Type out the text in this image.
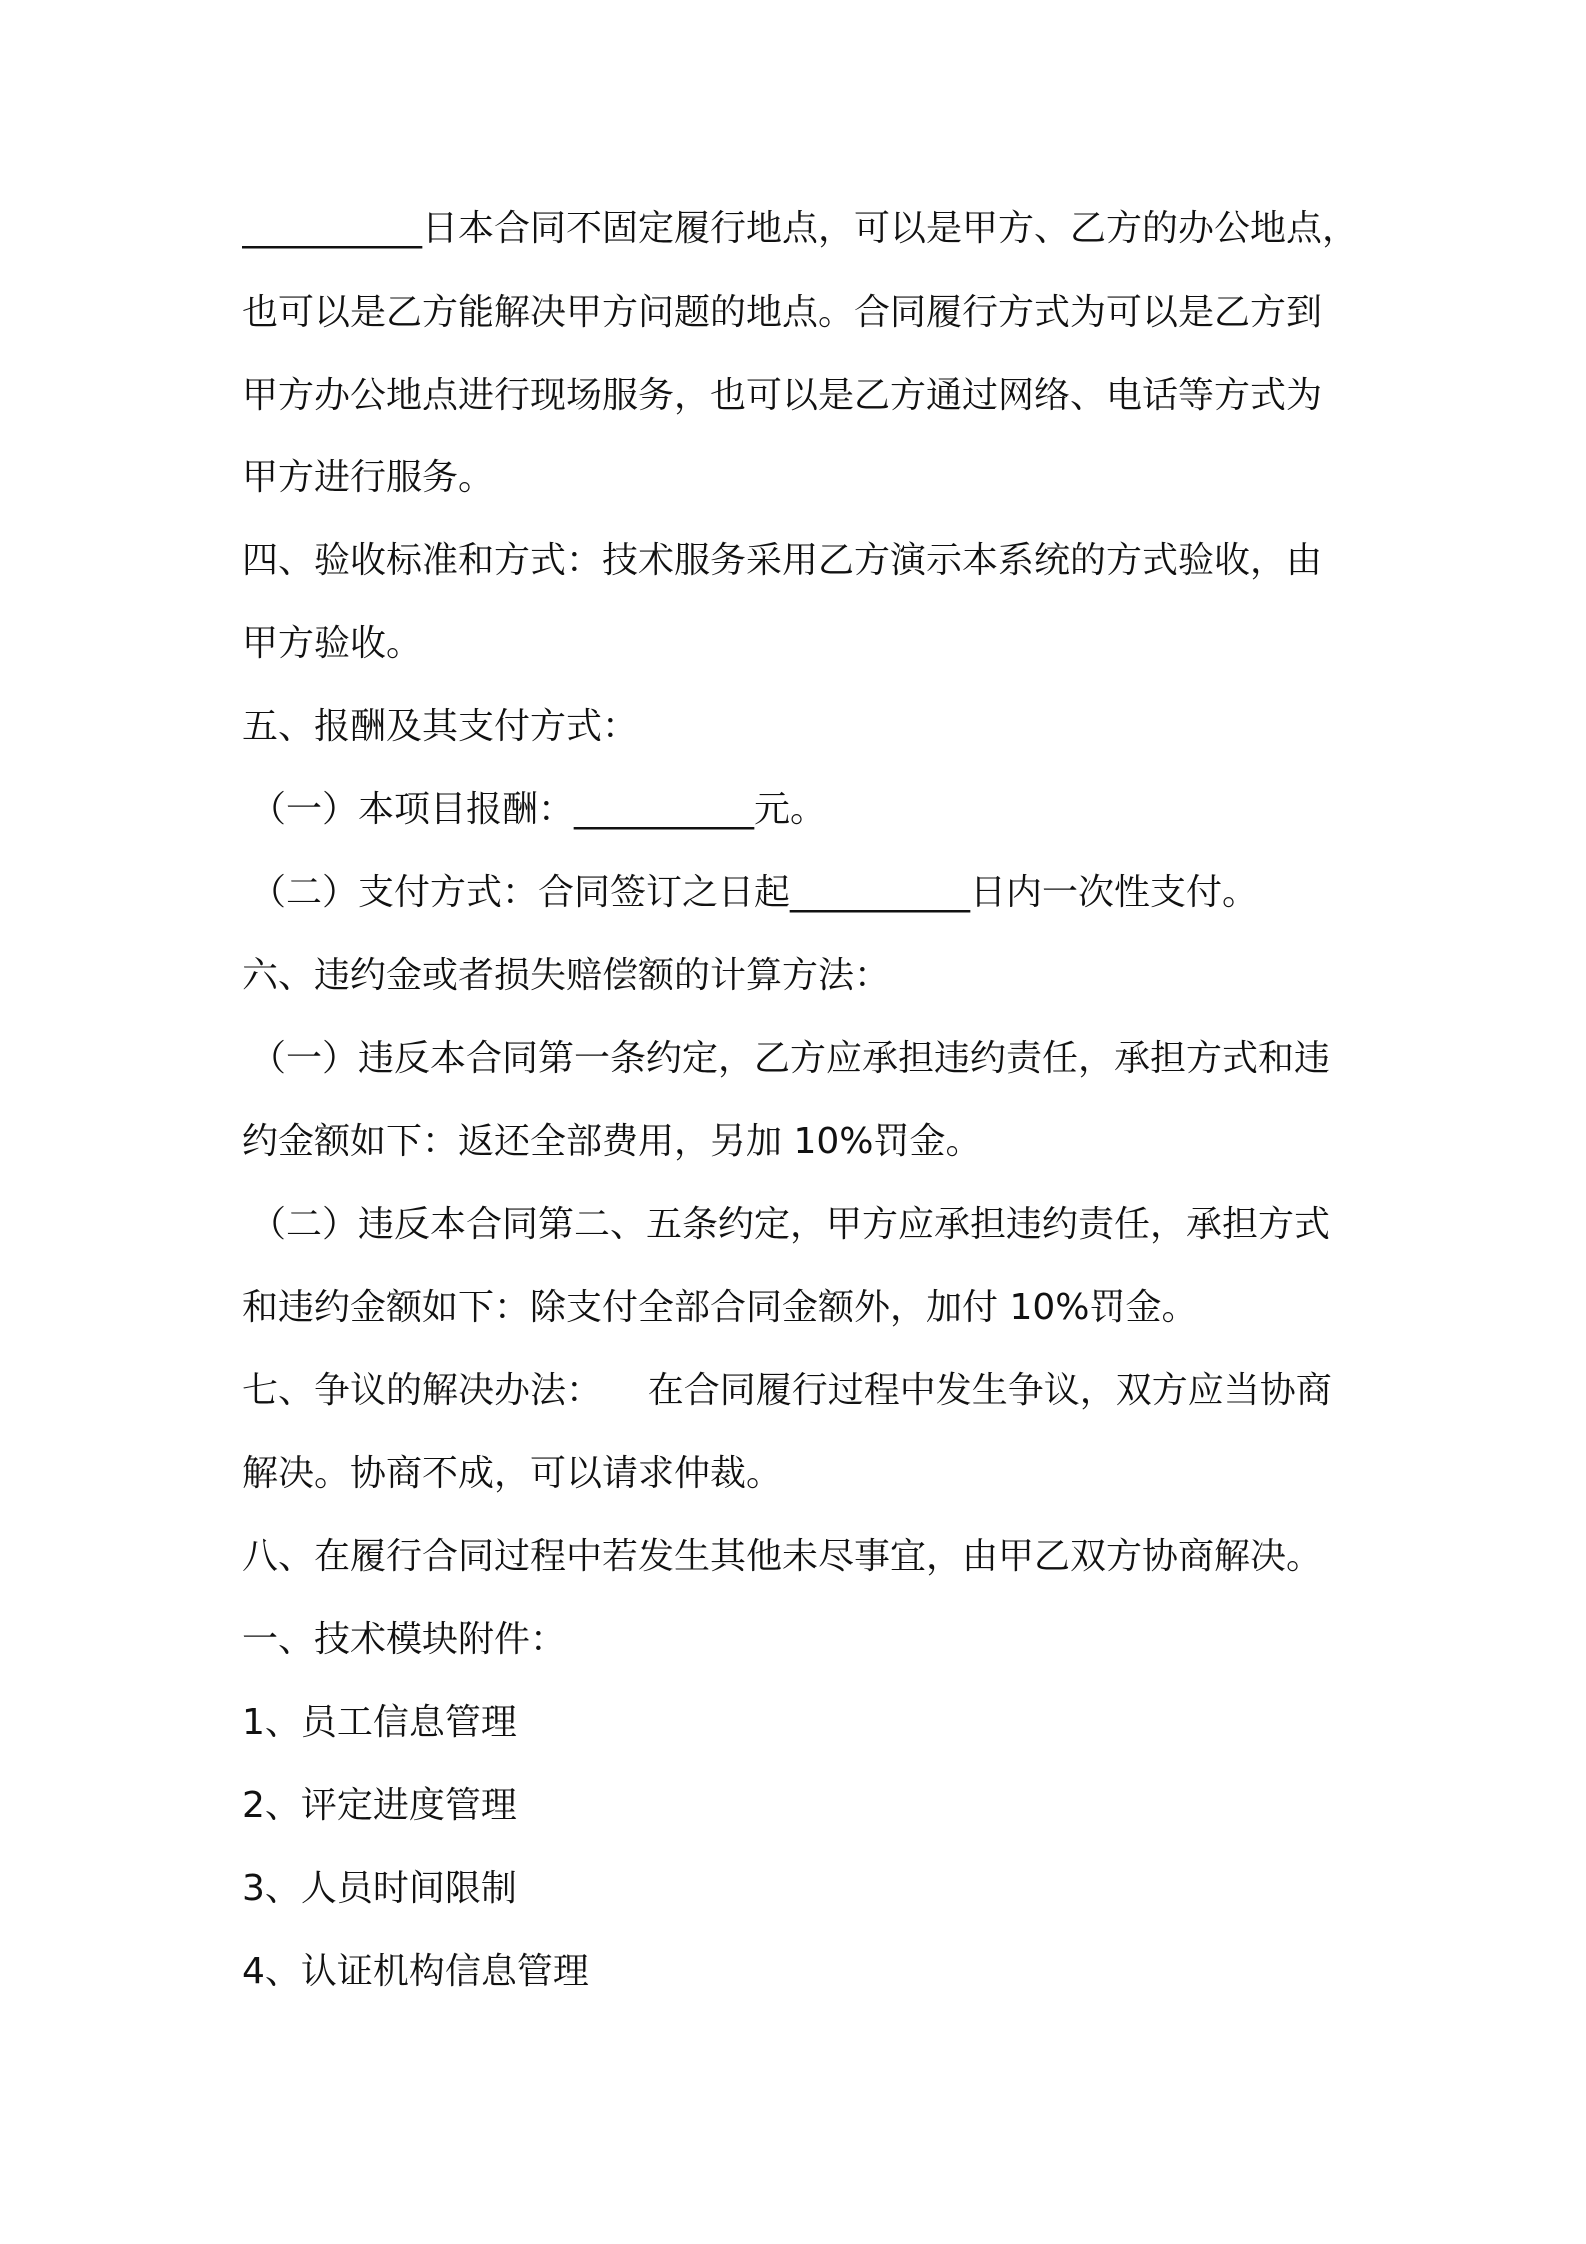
__________日本合同不固定履行地点，可以是甲方、乙方的办公地点，
也可以是乙方能解决甲方问题的地点。合同履行方式为可以是乙方到
甲方办公地点进行现场服务，也可以是乙方通过网络、电话等方式为
甲方进行服务。
四、验收标准和方式：技术服务采用乙方演示本系统的方式验收，由
甲方验收。
五、报酬及其支付方式：
（一）本项目报酬：__________元。
（二）支付方式：合同签订之日起__________日内一次性支付。
六、违约金或者损失赔偿额的计算方法：
（一）违反本合同第一条约定，乙方应承担违约责任，承担方式和违
约金额如下：返还全部费用，另加 10%罚金。
（二）违反本合同第二、五条约定，甲方应承担违约责任，承担方式
和违约金额如下：除支付全部合同金额外，加付 10%罚金。
七、争议的解决办法：    在合同履行过程中发生争议，双方应当协商
解决。协商不成，可以请求仲裁。
八、在履行合同过程中若发生其他未尽事宜，由甲乙双方协商解决。
一、技术模块附件：
1、员工信息管理
2、评定进度管理
3、人员时间限制
4、认证机构信息管理
